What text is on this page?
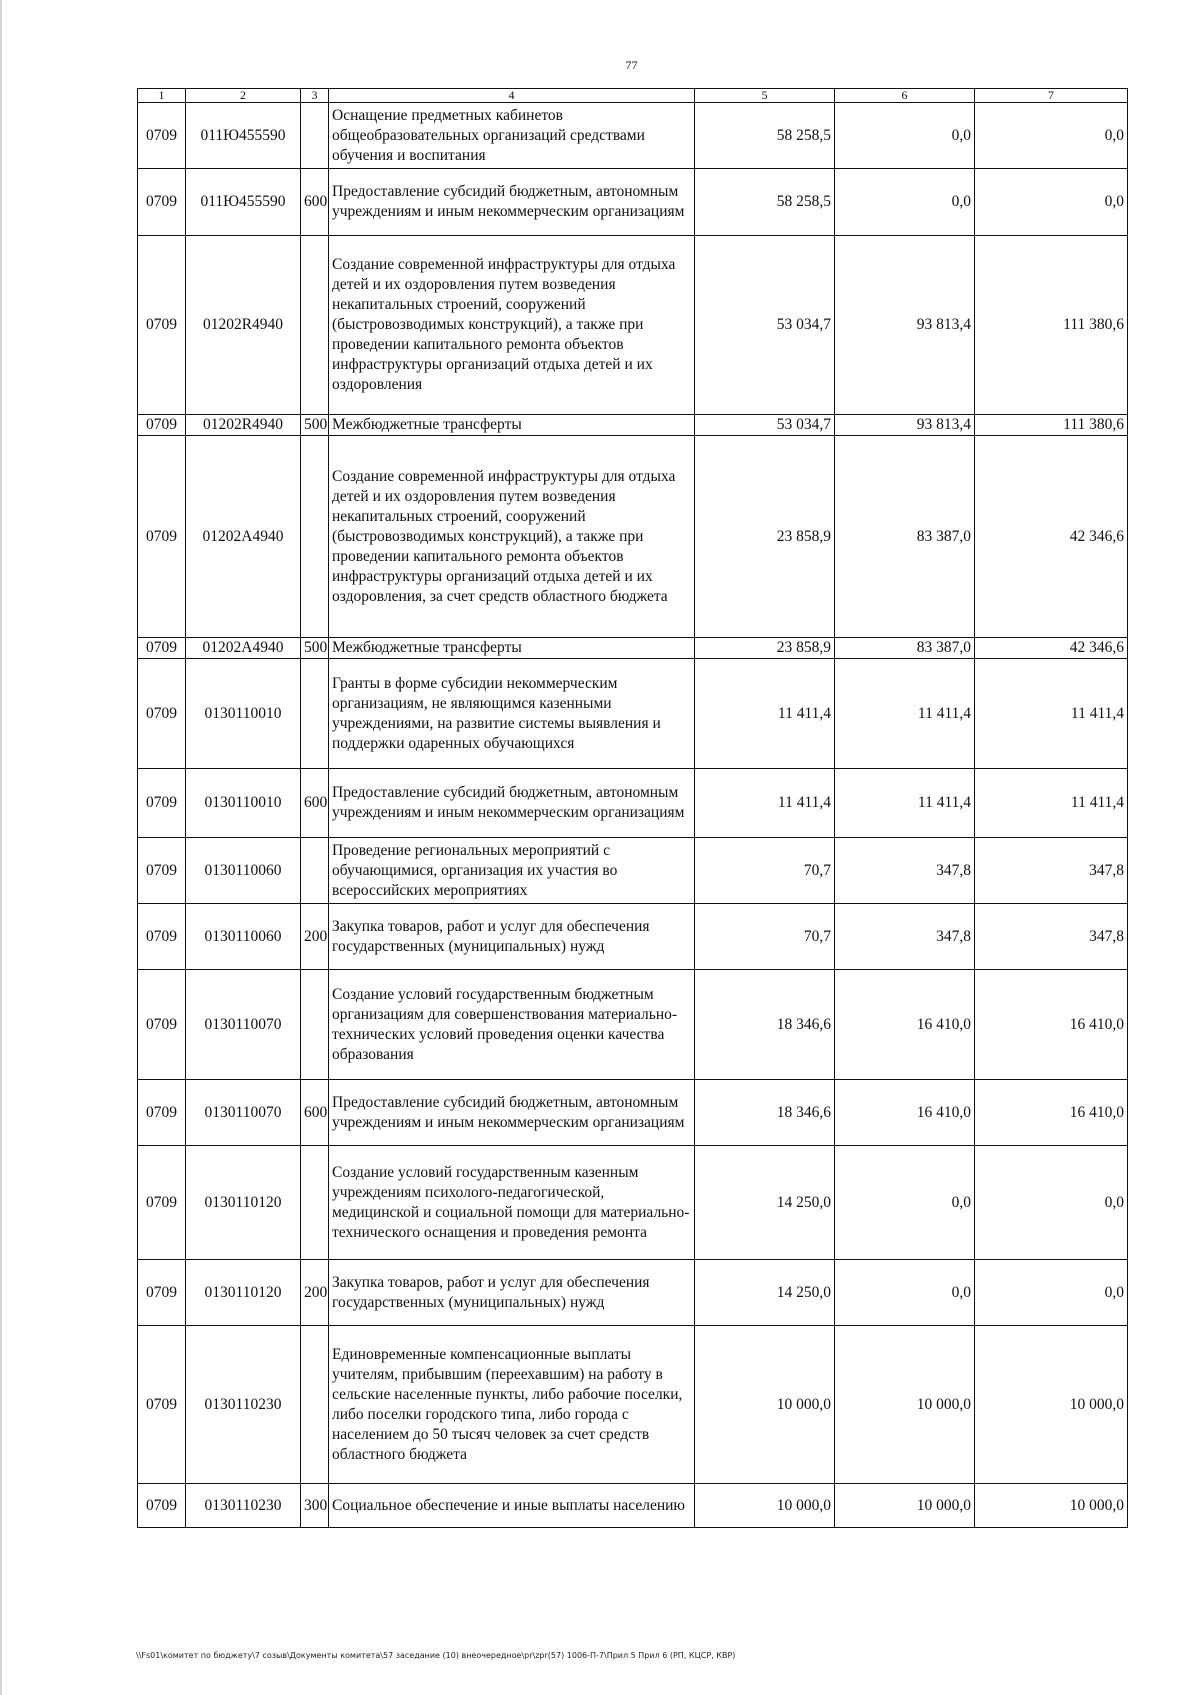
77
1	2	3	4	5	6	7
0709	011Ю455590		Оснащение предметных кабинетов общеобразовательных организаций средствами обучения и воспитания	58 258,5	0,0	0,0
0709	011Ю455590	600	Предоставление субсидий бюджетным, автономным учреждениям и иным некоммерческим организациям	58 258,5	0,0	0,0
0709	01202R4940		Создание современной инфраструктуры для отдыха детей и их оздоровления путем возведения некапитальных строений, сооружений (быстровозводимых конструкций), а также при проведении капитального ремонта объектов инфраструктуры организаций отдыха детей и их оздоровления	53 034,7	93 813,4	111 380,6
0709	01202R4940	500	Межбюджетные трансферты	53 034,7	93 813,4	111 380,6
0709	01202A4940		Создание современной инфраструктуры для отдыха детей и их оздоровления путем возведения некапитальных строений, сооружений (быстровозводимых конструкций), а также при проведении капитального ремонта объектов инфраструктуры организаций отдыха детей и их оздоровления, за счет средств областного бюджета	23 858,9	83 387,0	42 346,6
0709	01202A4940	500	Межбюджетные трансферты	23 858,9	83 387,0	42 346,6
0709	0130110010		Гранты в форме субсидии некоммерческим организациям, не являющимся казенными учреждениями, на развитие системы выявления и поддержки одаренных обучающихся	11 411,4	11 411,4	11 411,4
0709	0130110010	600	Предоставление субсидий бюджетным, автономным учреждениям и иным некоммерческим организациям	11 411,4	11 411,4	11 411,4
0709	0130110060		Проведение региональных мероприятий с обучающимися, организация их участия во всероссийских мероприятиях	70,7	347,8	347,8
0709	0130110060	200	Закупка товаров, работ и услуг для обеспечения государственных (муниципальных) нужд	70,7	347,8	347,8
0709	0130110070		Создание условий государственным бюджетным организациям для совершенствования материально-технических условий проведения оценки качества образования	18 346,6	16 410,0	16 410,0
0709	0130110070	600	Предоставление субсидий бюджетным, автономным учреждениям и иным некоммерческим организациям	18 346,6	16 410,0	16 410,0
0709	0130110120		Создание условий государственным казенным учреждениям психолого-педагогической, медицинской и социальной помощи для материально-технического оснащения и проведения ремонта	14 250,0	0,0	0,0
0709	0130110120	200	Закупка товаров, работ и услуг для обеспечения государственных (муниципальных) нужд	14 250,0	0,0	0,0
0709	0130110230		Единовременные компенсационные выплаты учителям, прибывшим (переехавшим) на работу в сельские населенные пункты, либо рабочие поселки, либо поселки городского типа, либо города с населением до 50 тысяч человек за счет средств областного бюджета	10 000,0	10 000,0	10 000,0
0709	0130110230	300	Социальное обеспечение и иные выплаты населению	10 000,0	10 000,0	10 000,0
\\Fs01\комитет по бюджету\7 созыв\Документы комитета\57 заседание (10) внеочередное\pr\zpr(57) 1006-П-7\Прил 5 Прил 6 (РП, КЦСР, КВР)
